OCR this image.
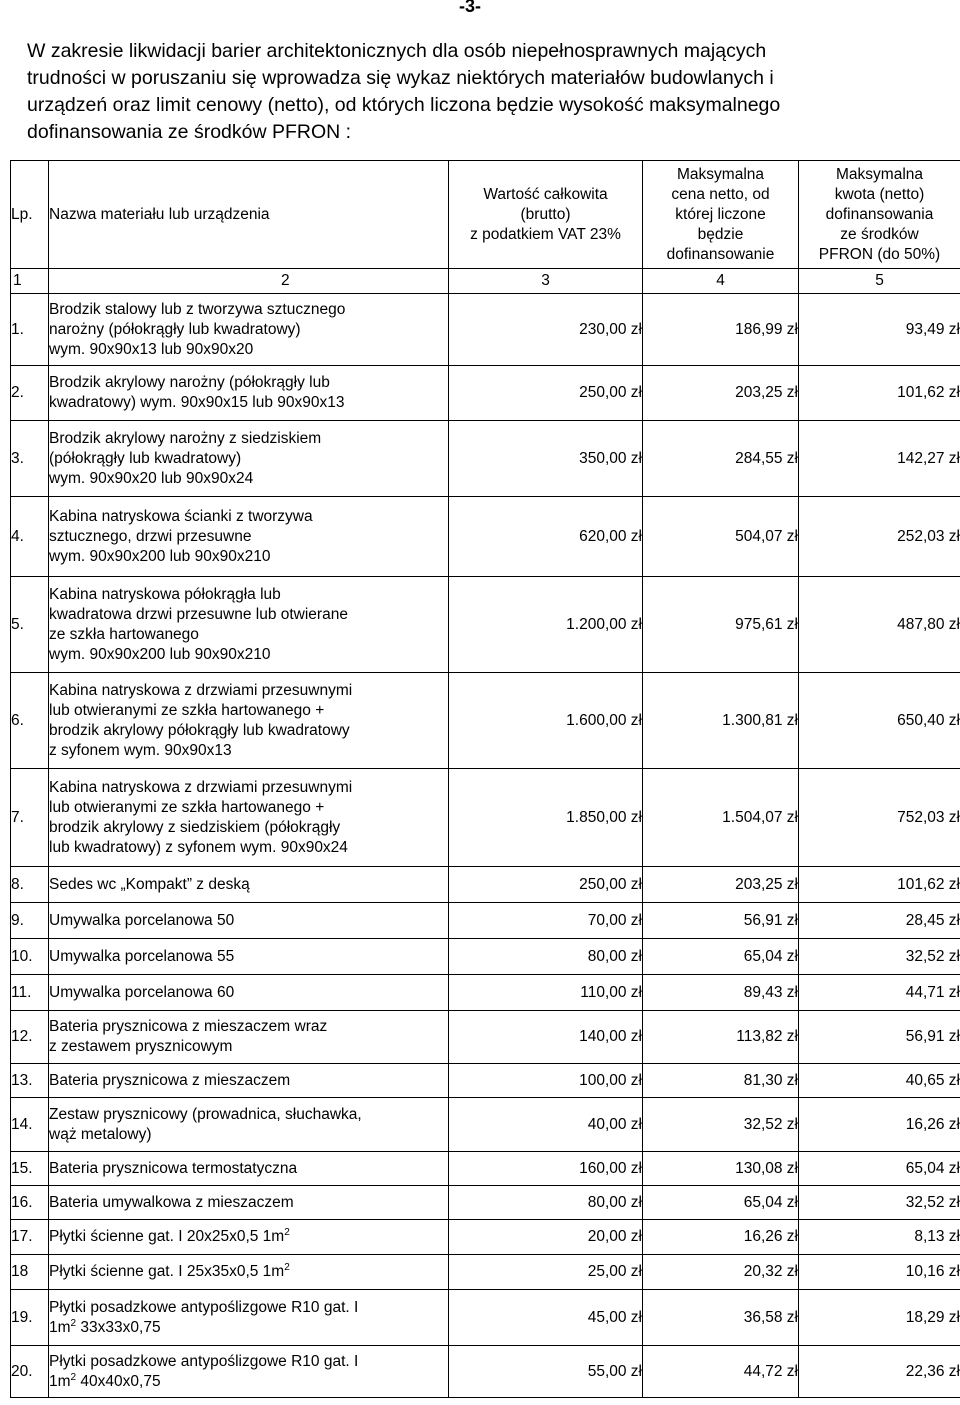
-3-

W zakresie likwidacji barier architektonicznych dla osób niepełnosprawnych mających

trudności w poruszaniu się wprowadza się wykaz niektórych materiałów budowlanych i

urządzeń oraz limit cenowy (netto), od których liczona będzie wysokość maksymalnego

dofinansowania ze środków PFRON :

Lp.	Nazwa materiału lub urządzenia	Wartość całkowita
(brutto)
z podatkiem VAT 23%	Maksymalna
cena netto, od
której liczone
będzie
dofinansowanie	Maksymalna
kwota (netto)
dofinansowania
ze środków
PFRON (do 50%)

1	2	3	4	5
1.	Brodzik stalowy lub z tworzywa sztucznego
narożny (półokrągły lub kwadratowy)
wym. 90x90x13 lub 90x90x20	230,00 zł	186,99 zł	93,49 zł
2.	Brodzik akrylowy narożny (półokrągły lub
kwadratowy) wym. 90x90x15 lub 90x90x13	250,00 zł	203,25 zł	101,62 zł
3.	Brodzik akrylowy narożny z siedziskiem
(półokrągły lub kwadratowy)
wym. 90x90x20 lub 90x90x24	350,00 zł	284,55 zł	142,27 zł
4.	Kabina natryskowa ścianki z tworzywa
sztucznego, drzwi przesuwne
wym. 90x90x200 lub 90x90x210	620,00 zł	504,07 zł	252,03 zł
5.	Kabina natryskowa półokrągła lub
kwadratowa drzwi przesuwne lub otwierane
ze szkła hartowanego
wym. 90x90x200 lub 90x90x210	1.200,00 zł	975,61 zł	487,80 zł
6.	Kabina natryskowa z drzwiami przesuwnymi
lub otwieranymi ze szkła hartowanego +
brodzik akrylowy półokrągły lub kwadratowy
z syfonem wym. 90x90x13	1.600,00 zł	1.300,81 zł	650,40 zł
7.	Kabina natryskowa z drzwiami przesuwnymi
lub otwieranymi ze szkła hartowanego +
brodzik akrylowy z siedziskiem (półokrągły
lub kwadratowy) z syfonem wym. 90x90x24	1.850,00 zł	1.504,07 zł	752,03 zł
8.	Sedes wc „Kompakt” z deską	250,00 zł	203,25 zł	101,62 zł
9.	Umywalka porcelanowa 50	70,00 zł	56,91 zł	28,45 zł
10.	Umywalka porcelanowa 55	80,00 zł	65,04 zł	32,52 zł
11.	Umywalka porcelanowa 60	110,00 zł	89,43 zł	44,71 zł
12.	Bateria prysznicowa z mieszaczem wraz
z zestawem prysznicowym	140,00 zł	113,82 zł	56,91 zł
13.	Bateria prysznicowa z mieszaczem	100,00 zł	81,30 zł	40,65 zł
14.	Zestaw prysznicowy (prowadnica, słuchawka,
wąż metalowy)	40,00 zł	32,52 zł	16,26 zł
15.	Bateria prysznicowa termostatyczna	160,00 zł	130,08 zł	65,04 zł
16.	Bateria umywalkowa z mieszaczem	80,00 zł	65,04 zł	32,52 zł
17.	Płytki ścienne gat. I 20x25x0,5 $1m^2$	20,00 zł	16,26 zł	8,13 zł
18	Płytki ścienne gat. I 25x35x0,5 $1m^2$	25,00 zł	20,32 zł	10,16 zł
19.	Płytki posadzkowe antypoślizgowe R10 gat. I
$1m^2$ 33x33x0,75	45,00 zł	36,58 zł	18,29 zł
20.	Płytki posadzkowe antypoślizgowe R10 gat. I
$1m^2$ 40x40x0,75	55,00 zł	44,72 zł	22,36 zł
